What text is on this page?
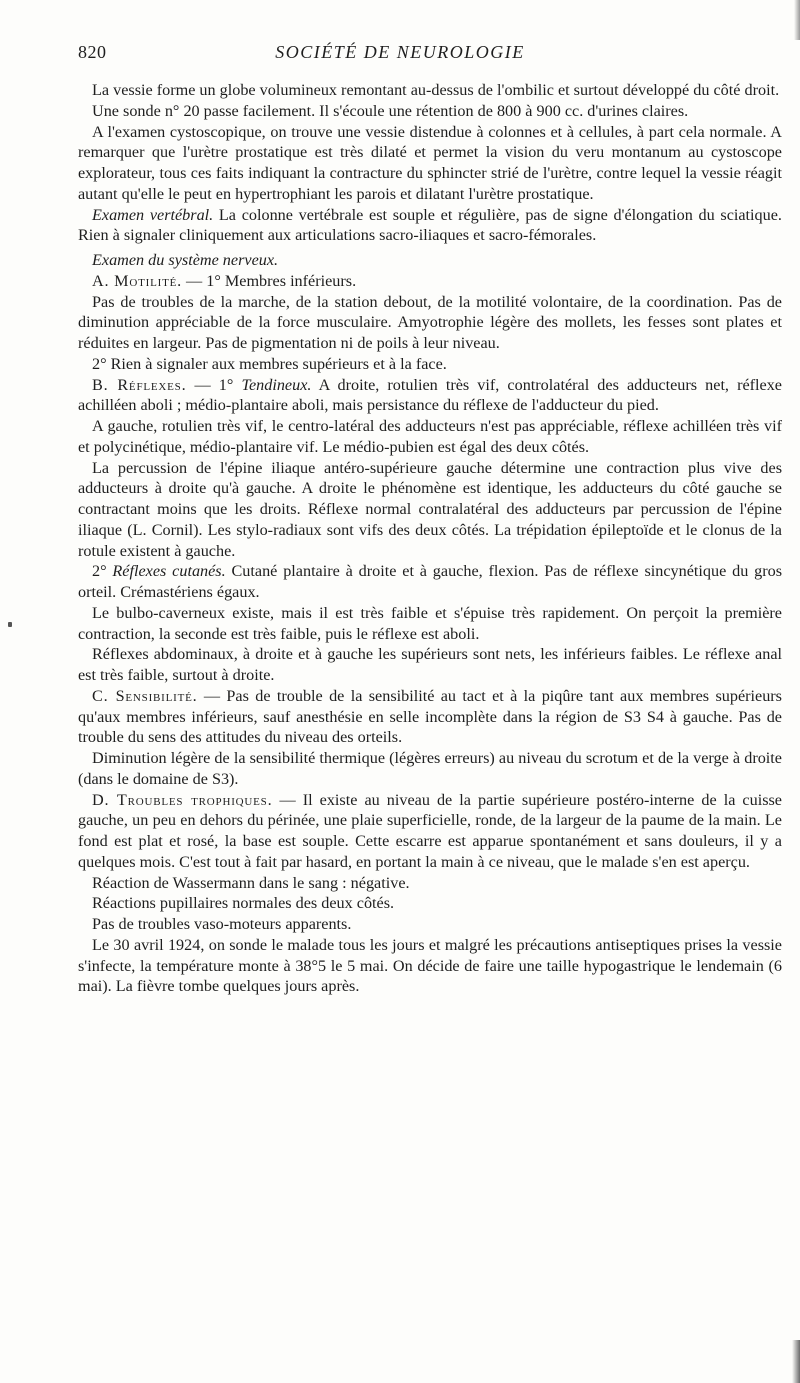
820	SOCIÉTÉ DE NEUROLOGIE

La vessie forme un globe volumineux remontant au-dessus de l'ombilic et surtout développé du côté droit.

Une sonde n° 20 passe facilement. Il s'écoule une rétention de 800 à 900 cc. d'urines claires.

A l'examen cystoscopique, on trouve une vessie distendue à colonnes et à cellules, à part cela normale. A remarquer que l'urètre prostatique est très dilaté et permet la vision du veru montanum au cystoscope explorateur, tous ces faits indiquant la contracture du sphincter strié de l'urètre, contre lequel la vessie réagit autant qu'elle le peut en hypertrophiant les parois et dilatant l'urètre prostatique.

Examen vertébral. La colonne vertébrale est souple et régulière, pas de signe d'élongation du sciatique. Rien à signaler cliniquement aux articulations sacro-iliaques et sacro-fémorales.

Examen du système nerveux.

A. Motilité. — 1° Membres inférieurs.

Pas de troubles de la marche, de la station debout, de la motilité volontaire, de la coordination. Pas de diminution appréciable de la force musculaire. Amyotrophie légère des mollets, les fesses sont plates et réduites en largeur. Pas de pigmentation ni de poils à leur niveau.

2° Rien à signaler aux membres supérieurs et à la face.

B. Réflexes. — 1° Tendineux. A droite, rotulien très vif, controlatéral des adducteurs net, réflexe achilléen aboli ; médio-plantaire aboli, mais persistance du réflexe de l'adducteur du pied.

A gauche, rotulien très vif, le centro-latéral des adducteurs n'est pas appréciable, réflexe achilléen très vif et polycinétique, médio-plantaire vif. Le médio-pubien est égal des deux côtés.

La percussion de l'épine iliaque antéro-supérieure gauche détermine une contraction plus vive des adducteurs à droite qu'à gauche. A droite le phénomène est identique, les adducteurs du côté gauche se contractant moins que les droits. Réflexe normal contralatéral des adducteurs par percussion de l'épine iliaque (L. Cornil). Les stylo-radiaux sont vifs des deux côtés. La trépidation épileptoïde et le clonus de la rotule existent à gauche.

2° Réflexes cutanés. Cutané plantaire à droite et à gauche, flexion. Pas de réflexe sincynétique du gros orteil. Crémastériens égaux.

Le bulbo-caverneux existe, mais il est très faible et s'épuise très rapidement. On perçoit la première contraction, la seconde est très faible, puis le réflexe est aboli.

Réflexes abdominaux, à droite et à gauche les supérieurs sont nets, les inférieurs faibles. Le réflexe anal est très faible, surtout à droite.

C. Sensibilité. — Pas de trouble de la sensibilité au tact et à la piqûre tant aux membres supérieurs qu'aux membres inférieurs, sauf anesthésie en selle incomplète dans la région de S3 S4 à gauche. Pas de trouble du sens des attitudes du niveau des orteils.

Diminution légère de la sensibilité thermique (légères erreurs) au niveau du scrotum et de la verge à droite (dans le domaine de S3).

D. Troubles trophiques. — Il existe au niveau de la partie supérieure postéro-interne de la cuisse gauche, un peu en dehors du périnée, une plaie superficielle, ronde, de la largeur de la paume de la main. Le fond est plat et rosé, la base est souple. Cette escarre est apparue spontanément et sans douleurs, il y a quelques mois. C'est tout à fait par hasard, en portant la main à ce niveau, que le malade s'en est aperçu.

Réaction de Wassermann dans le sang : négative.

Réactions pupillaires normales des deux côtés.

Pas de troubles vaso-moteurs apparents.

Le 30 avril 1924, on sonde le malade tous les jours et malgré les précautions antiseptiques prises la vessie s'infecte, la température monte à 38°5 le 5 mai. On décide de faire une taille hypogastrique le lendemain (6 mai). La fièvre tombe quelques jours après.
